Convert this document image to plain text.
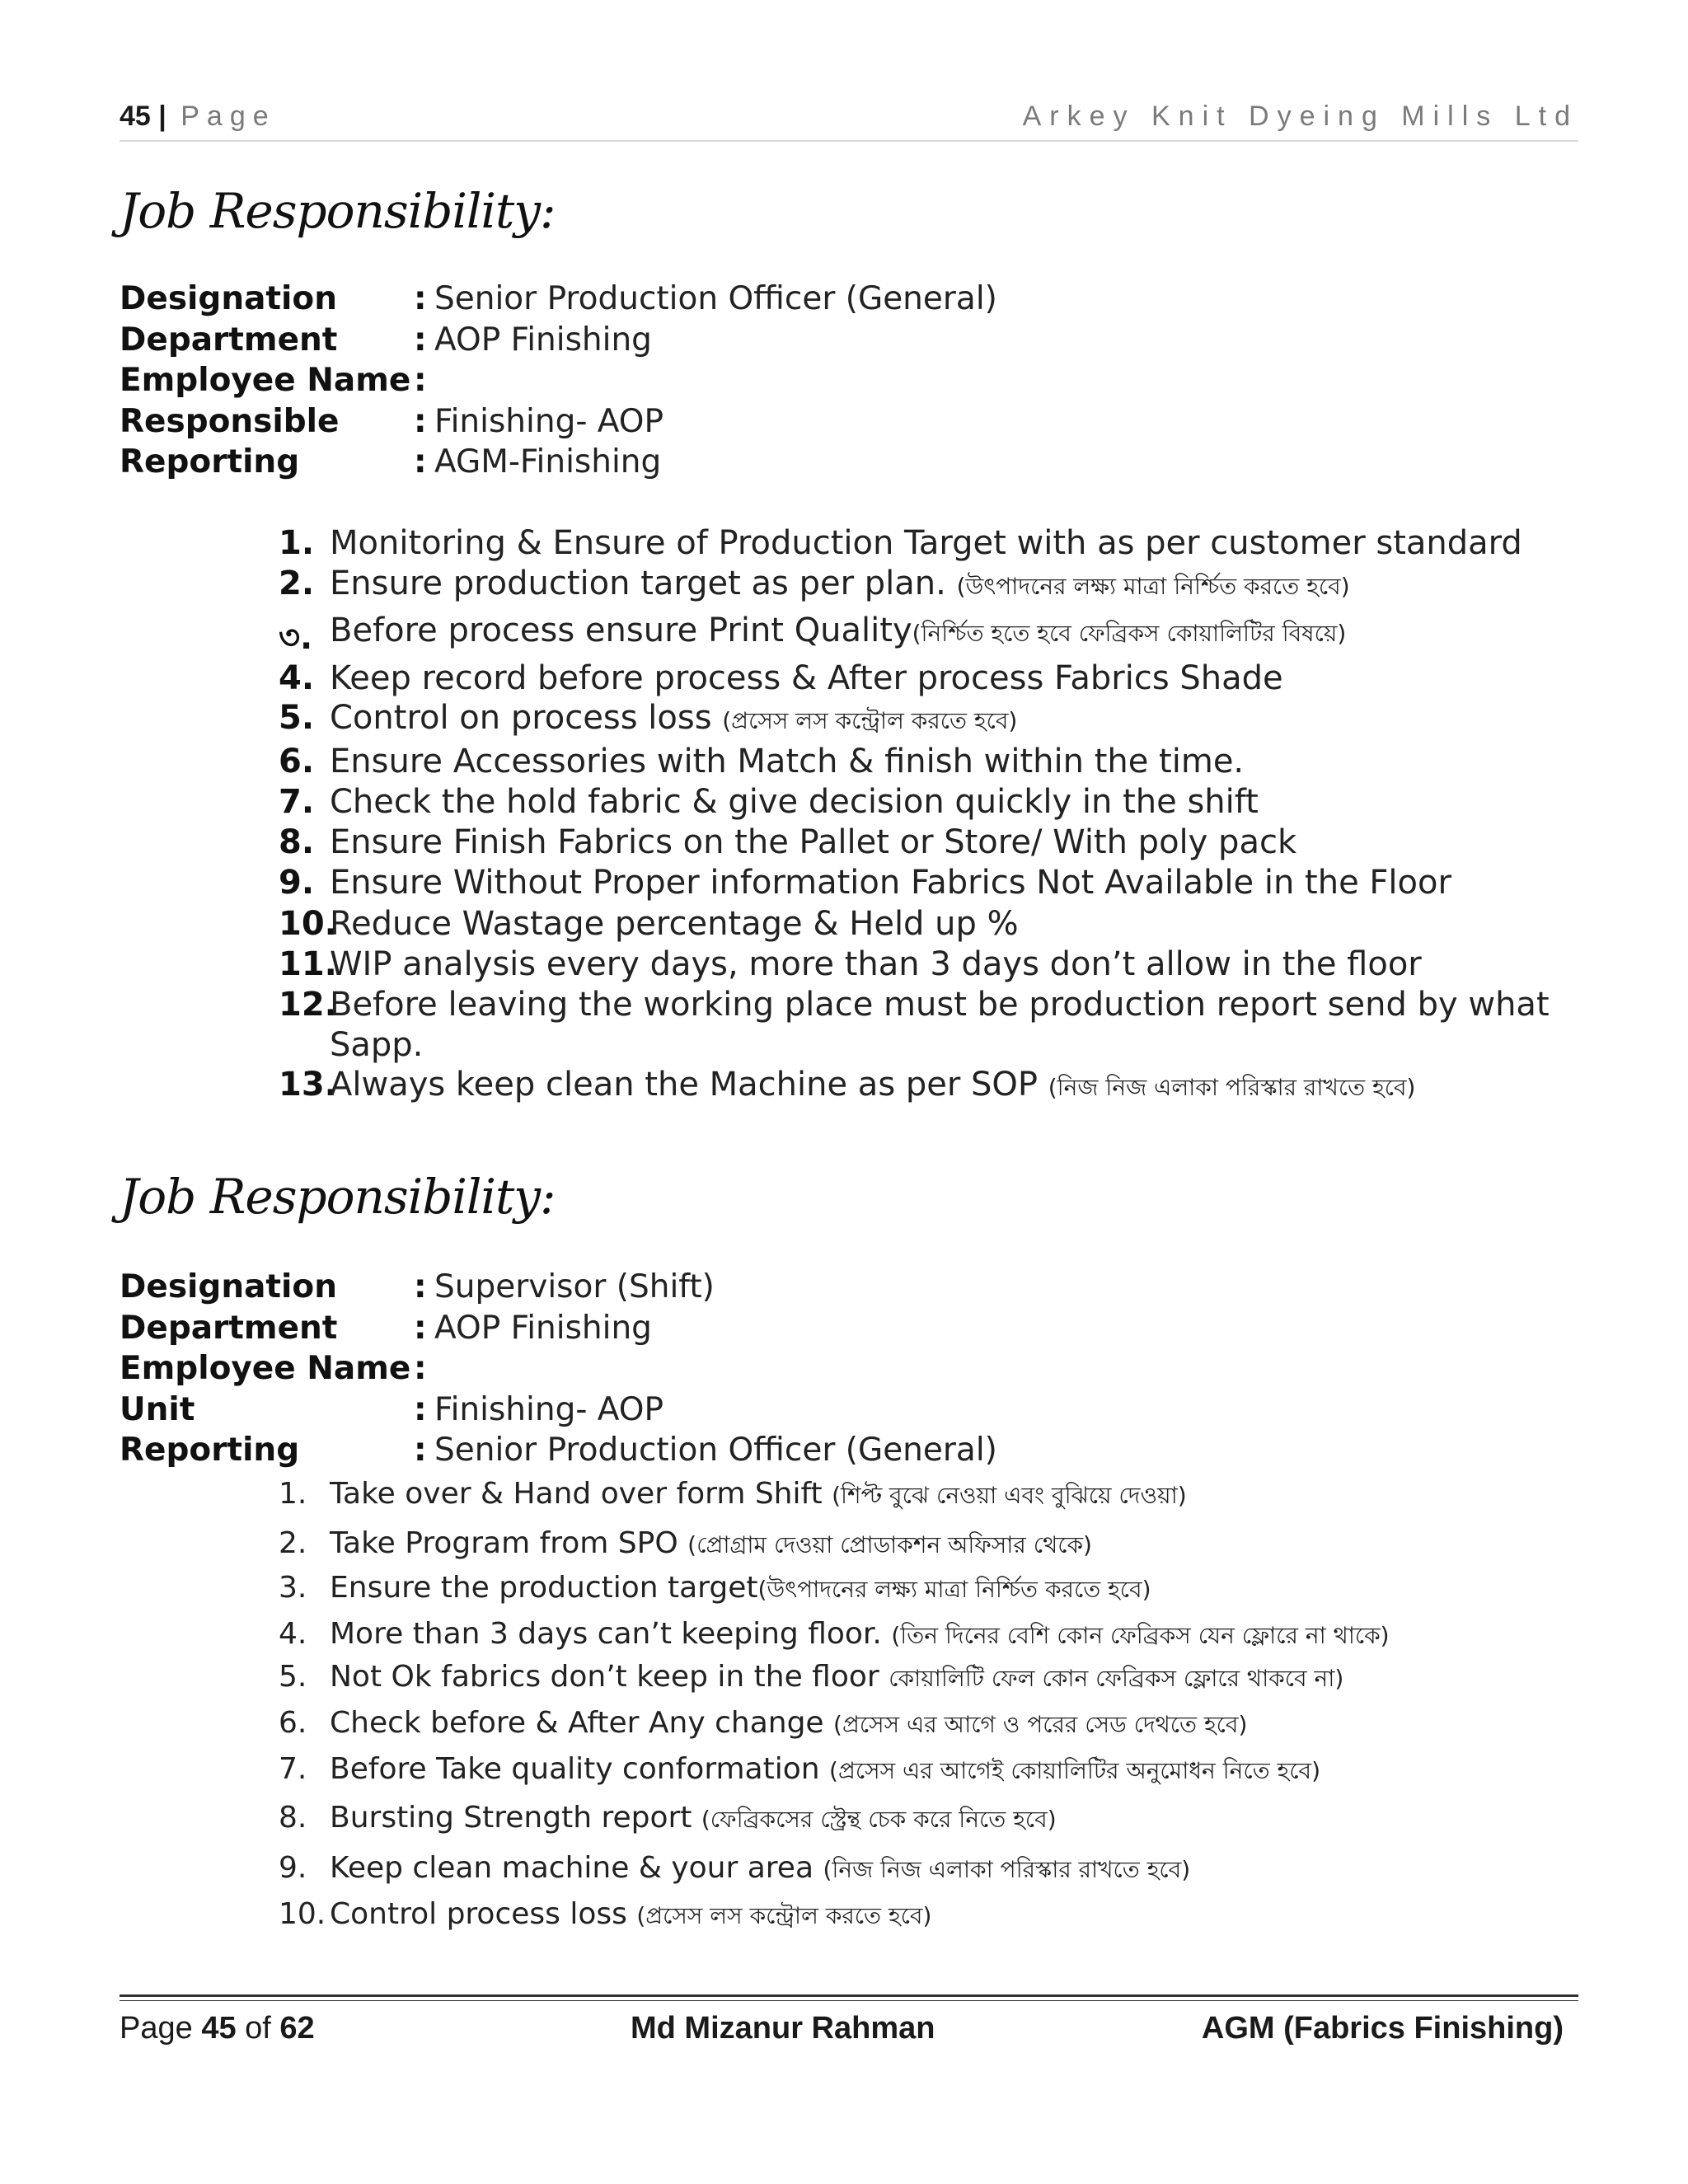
45 | Page	Arkey Knit Dyeing Mills Ltd
Job Responsibility:
Designation : Senior Production Officer (General)
Department : AOP Finishing
Employee Name :
Responsible : Finishing- AOP
Reporting	: AGM-Finishing
1. Monitoring & Ensure of Production Target with as per customer standard
2. Ensure production target as per plan. (উৎপাদনের লক্ষ্য মাত্রা নির্শ্চিত করতে হবে)
৩. Before process ensure Print Quality(নির্শ্চিত হতে হবে ফেব্রিকস কোয়ালিটির বিষয়ে)
4. Keep record before process & After process Fabrics Shade
5. Control on process loss (প্রসেস লস কন্ট্রোল করতে হবে)
6. Ensure Accessories with Match & finish within the time.
7. Check the hold fabric & give decision quickly in the shift
8. Ensure Finish Fabrics on the Pallet or Store/ With poly pack
9. Ensure Without Proper information Fabrics Not Available in the Floor
10.
Reduce Wastage percentage & Held up %
11.
WIP analysis every days, more than 3 days don’t allow in the floor
12.
Before leaving the working place must be production report send by what
Sapp.
13.
Always keep clean the Machine as per SOP (নিজ নিজ এলাকা পরিস্কার রাখতে হবে)
Job Responsibility:
Designation : Supervisor (Shift)
Department : AOP Finishing
Employee Name :
Unit	: Finishing- AOP
Reporting	: Senior Production Officer (General)
1. Take over & Hand over form Shift (শিপ্ট বুঝে নেওয়া এবং বুঝিয়ে দেওয়া)
2. Take Program from SPO (প্রোগ্রাম দেওয়া প্রোডাকশন অফিসার থেকে)
3. Ensure the production target(উৎপাদনের লক্ষ্য মাত্রা নির্শ্চিত করতে হবে)
4. More than 3 days can’t keeping floor. (তিন দিনের বেশি কোন ফেব্রিকস যেন ফ্লোরে না থাকে)
5. Not Ok fabrics don’t keep in the floor কোয়ালিটি ফেল কোন ফেব্রিকস ফ্লোরে থাকবে না)
6. Check before & After Any change (প্রসেস এর আগে ও পরের সেড দেথতে হবে)
7. Before Take quality conformation (প্রসেস এর আগেই কোয়ালিটির অনুমোধন নিতে হবে)
8. Bursting Strength report (ফেব্রিকসের স্ট্রেন্থ চেক করে নিতে হবে)
9. Keep clean machine & your area (নিজ নিজ এলাকা পরিস্কার রাখতে হবে)
10. Control process loss (প্রসেস লস কন্ট্রোল করতে হবে)
Page 45 of 62	Md Mizanur Rahman	AGM (Fabrics Finishing)
